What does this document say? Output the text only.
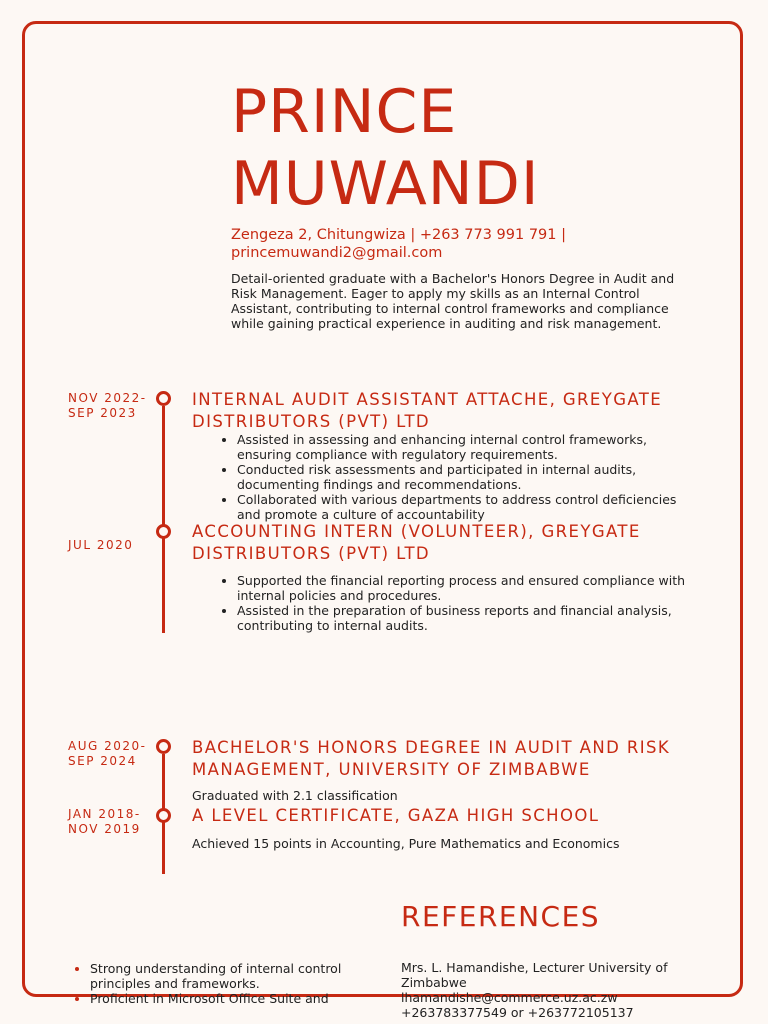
PRINCE
MUWANDI
Zengeza 2, Chitungwiza | +263 773 991 791 |
princemuwandi2@gmail.com
Detail-oriented graduate with a Bachelor's Honors Degree in Audit and Risk Management. Eager to apply my skills as an Internal Control Assistant, contributing to internal control frameworks and compliance while gaining practical experience in auditing and risk management.
NOV 2022-
SEP 2023
INTERNAL AUDIT ASSISTANT ATTACHE, GREYGATE DISTRIBUTORS (PVT) LTD
• Assisted in assessing and enhancing internal control frameworks, ensuring compliance with regulatory requirements.
• Conducted risk assessments and participated in internal audits, documenting findings and recommendations.
• Collaborated with various departments to address control deficiencies and promote a culture of accountability
JUL 2020
ACCOUNTING INTERN (VOLUNTEER), GREYGATE DISTRIBUTORS (PVT) LTD
• Supported the financial reporting process and ensured compliance with internal policies and procedures.
• Assisted in the preparation of business reports and financial analysis, contributing to internal audits.
AUG 2020-
SEP 2024
BACHELOR'S HONORS DEGREE IN AUDIT AND RISK MANAGEMENT, UNIVERSITY OF ZIMBABWE
Graduated with 2.1 classification
JAN 2018-
NOV 2019
A LEVEL CERTIFICATE, GAZA HIGH SCHOOL
Achieved 15 points in Accounting, Pure Mathematics and Economics
REFERENCES
Mrs. L. Hamandishe, Lecturer University of Zimbabwe
lhamandishe@commerce.uz.ac.zw
+263783377549 or +263772105137
• Strong understanding of internal control principles and frameworks.
• Proficient in Microsoft Office Suite and
